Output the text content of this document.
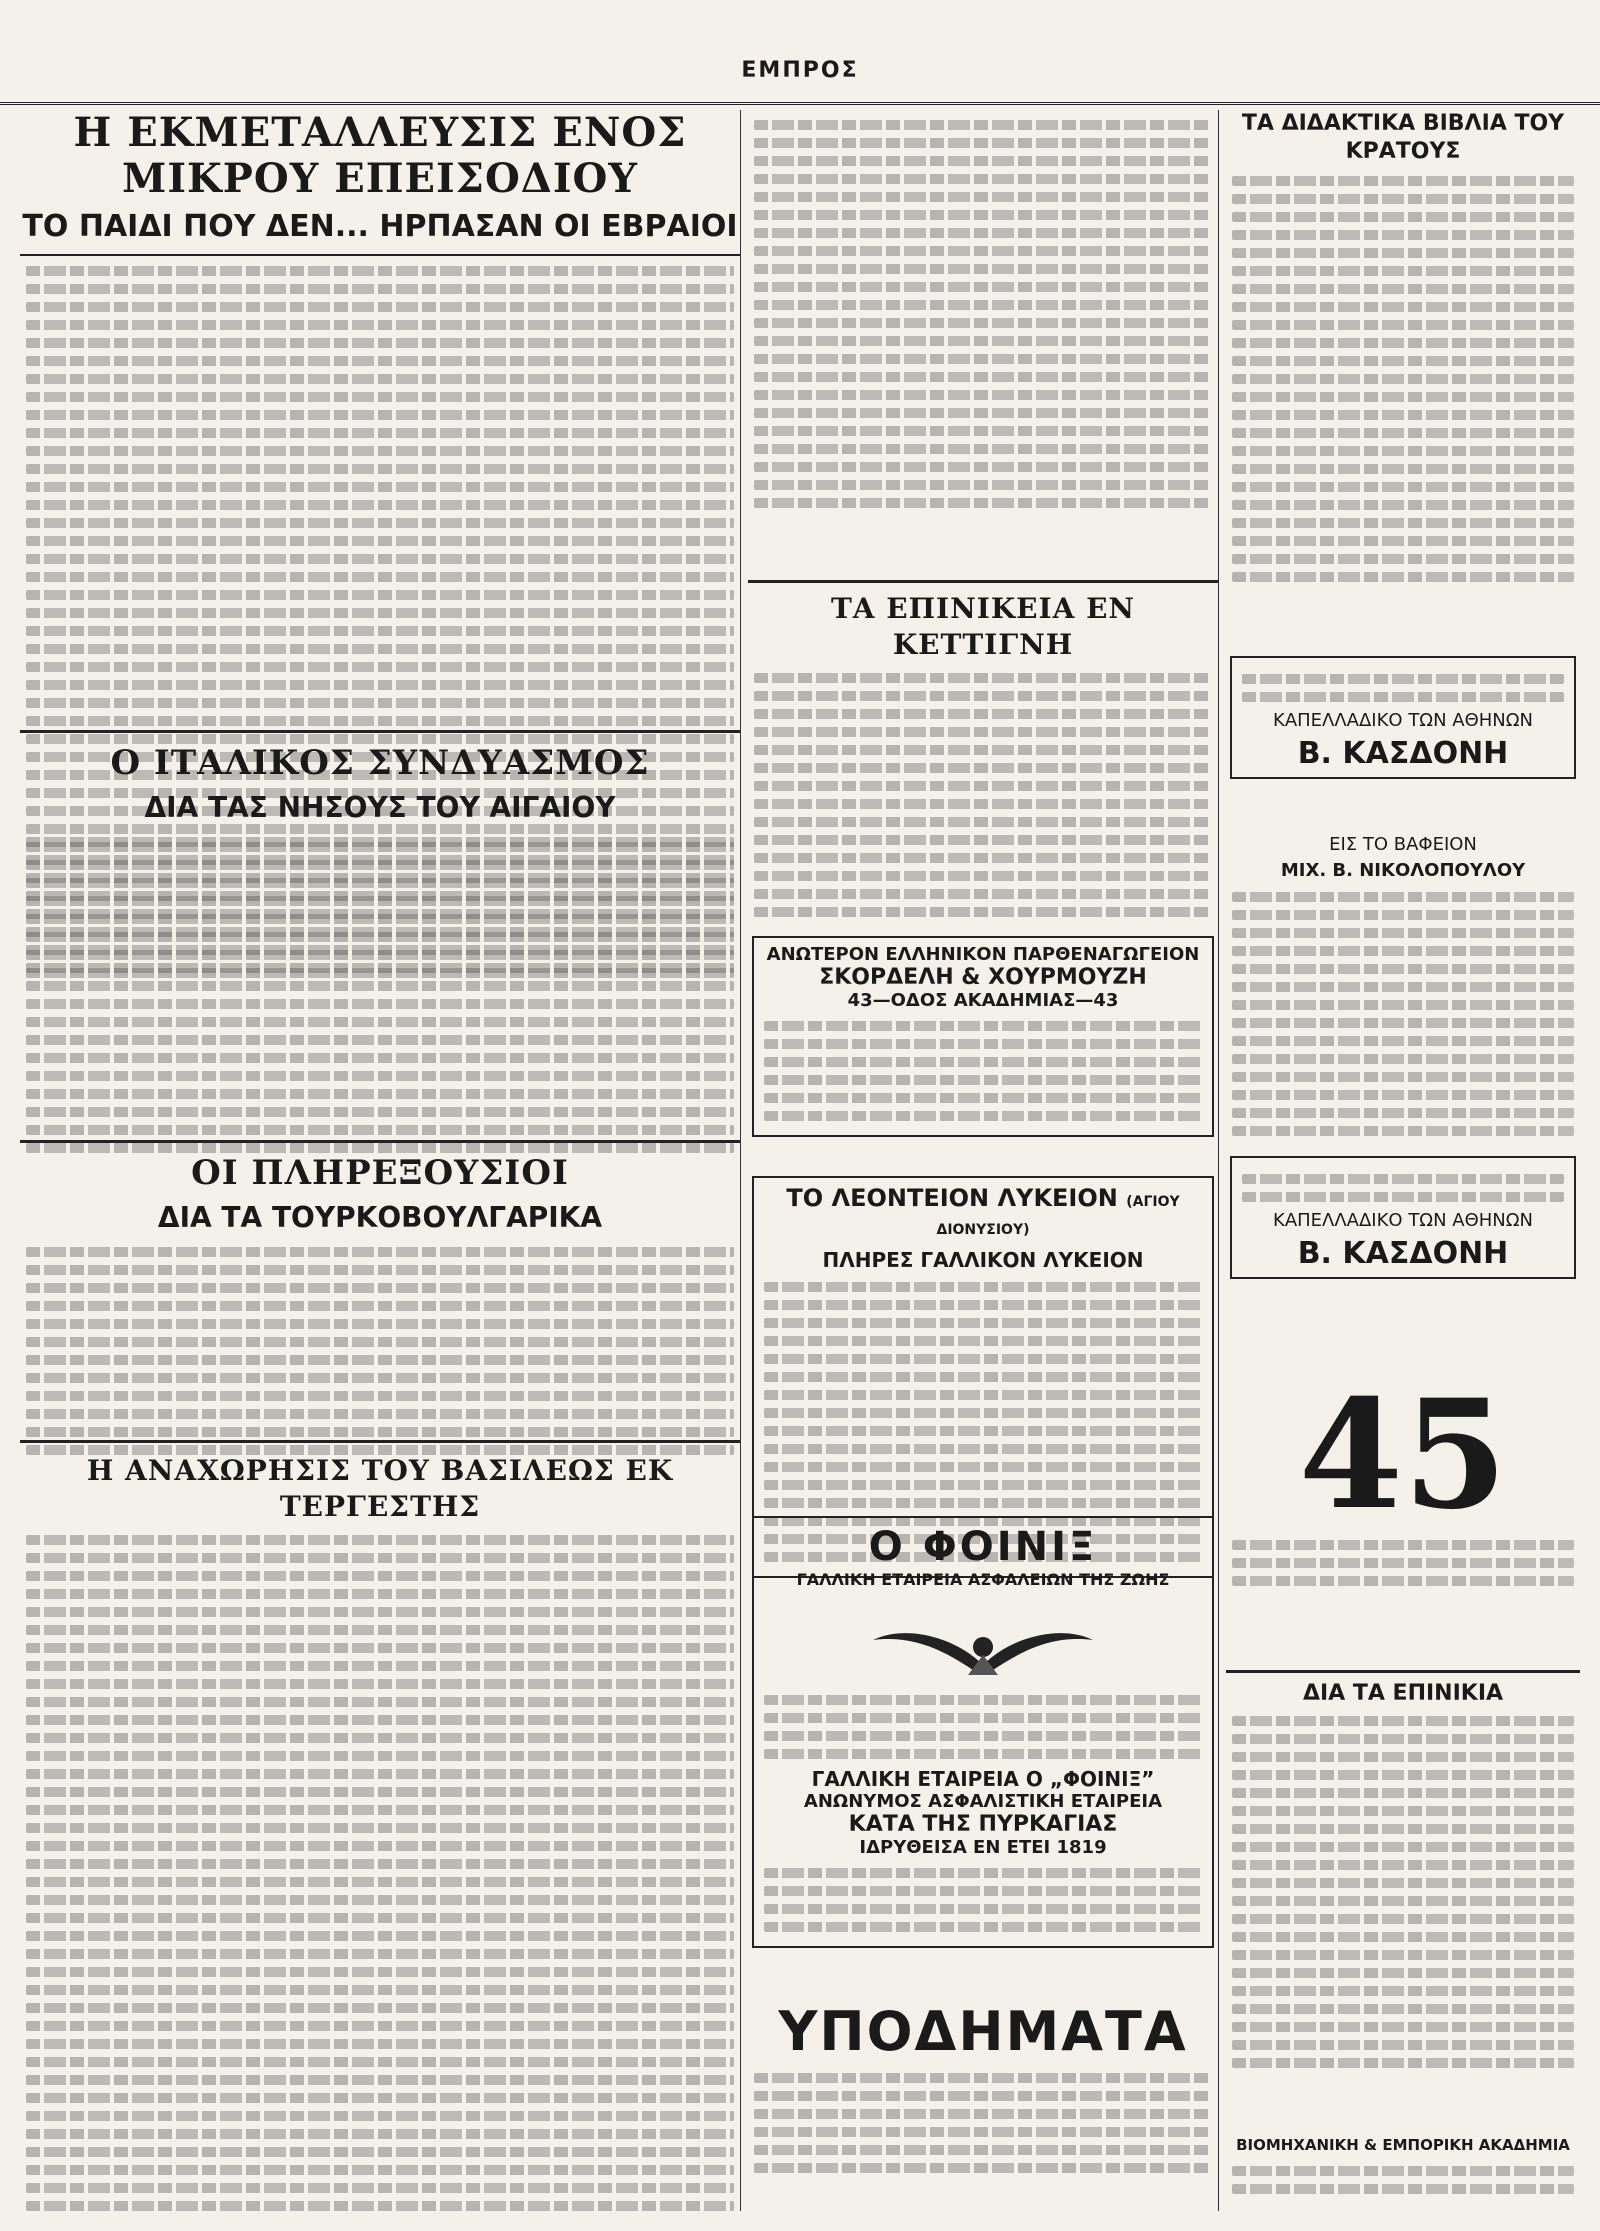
ΕΜΠΡΟΣ
Η ΕΚΜΕΤΑΛΛΕΥΣΙΣ ΕΝΟΣ ΜΙΚΡΟΥ ΕΠΕΙΣΟΔΙΟΥ
ΤΟ ΠΑΙΔΙ ΠΟΥ ΔΕΝ... ΗΡΠΑΣΑΝ ΟΙ ΕΒΡΑΙΟΙ
Ο ΙΤΑΛΙΚΟΣ ΣΥΝΔΥΑΣΜΟΣ
ΔΙΑ ΤΑΣ ΝΗΣΟΥΣ ΤΟΥ ΑΙΓΑΙΟΥ
ΟΙ ΠΛΗΡΕΞΟΥΣΙΟΙ
ΔΙΑ ΤΑ ΤΟΥΡΚΟΒΟΥΛΓΑΡΙΚΑ
Η ΑΝΑΧΩΡΗΣΙΣ ΤΟΥ ΒΑΣΙΛΕΩΣ ΕΚ ΤΕΡΓΕΣΤΗΣ
ΤΑ ΕΠΙΝΙΚΕΙΑ ΕΝ ΚΕΤΤΙΓΝΗ
ΑΝΩΤΕΡΟΝ ΕΛΛΗΝΙΚΟΝ ΠΑΡΘΕΝΑΓΩΓΕΙΟΝ
ΣΚΟΡΔΕΛΗ & ΧΟΥΡΜΟΥΖΗ
43—ΟΔΟΣ ΑΚΑΔΗΜΙΑΣ—43
ΤΟ ΛΕΟΝΤΕΙΟΝ ΛΥΚΕΙΟΝ (ΑΓΙΟΥ ΔΙΟΝΥΣΙΟΥ)
ΠΛΗΡΕΣ ΓΑΛΛΙΚΟΝ ΛΥΚΕΙΟΝ
Ο ΦΟΙΝΙΞ
ΓΑΛΛΙΚΗ ΕΤΑΙΡΕΙΑ ΑΣΦΑΛΕΙΩΝ ΤΗΣ ΖΩΗΣ
ΓΑΛΛΙΚΗ ΕΤΑΙΡΕΙΑ Ο „ΦΟΙΝΙΞ”
ΑΝΩΝΥΜΟΣ ΑΣΦΑΛΙΣΤΙΚΗ ΕΤΑΙΡΕΙΑ
ΚΑΤΑ ΤΗΣ ΠΥΡΚΑΓΙΑΣ
ΙΔΡΥΘΕΙΣΑ ΕΝ ΕΤΕΙ 1819
ΥΠΟΔΗΜΑΤΑ
ΤΑ ΔΙΔΑΚΤΙΚΑ ΒΙΒΛΙΑ ΤΟΥ ΚΡΑΤΟΥΣ
ΚΑΠΕΛΛΑΔΙΚΟ ΤΩΝ ΑΘΗΝΩΝ
Β. ΚΑΣΔΟΝΗ
ΕΙΣ ΤΟ ΒΑΦΕΙΟΝ
ΜΙΧ. Β. ΝΙΚΟΛΟΠΟΥΛΟΥ
ΚΑΠΕΛΛΑΔΙΚΟ ΤΩΝ ΑΘΗΝΩΝ
Β. ΚΑΣΔΟΝΗ
45
ΔΙΑ ΤΑ ΕΠΙΝΙΚΙΑ
ΒΙΟΜΗΧΑΝΙΚΗ & ΕΜΠΟΡΙΚΗ ΑΚΑΔΗΜΙΑ
